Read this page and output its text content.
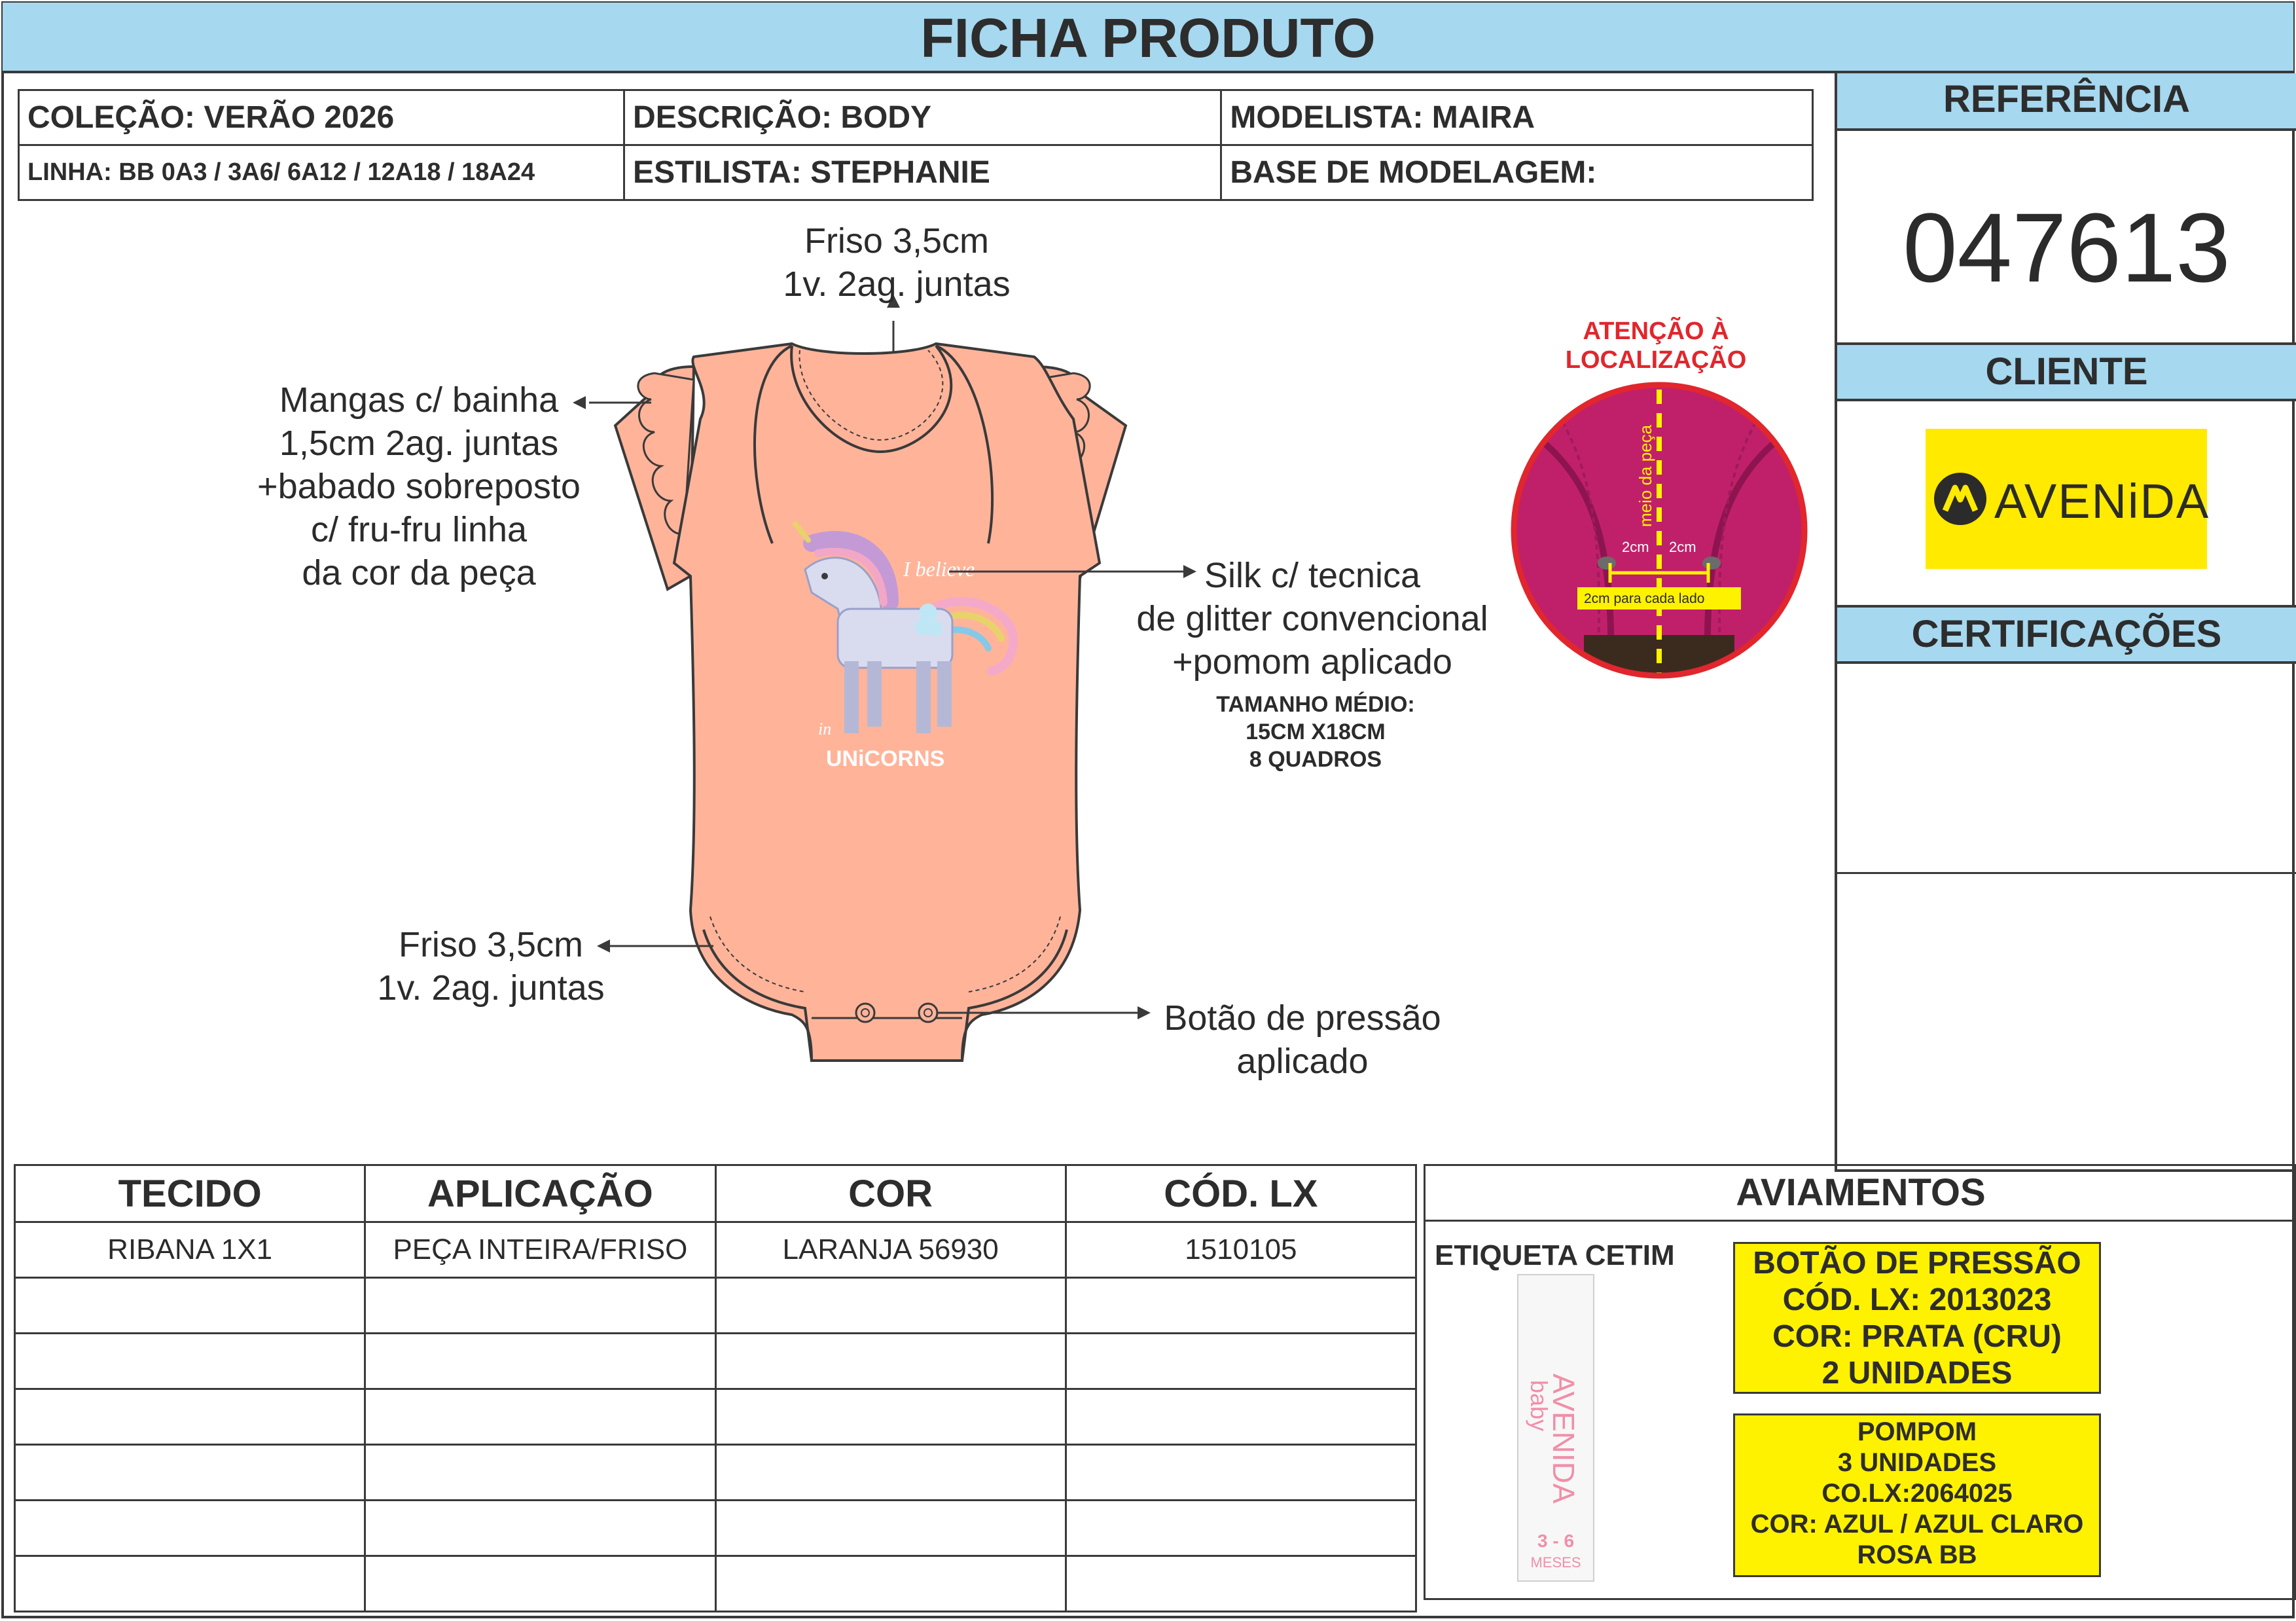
FICHA PRODUTO
COLEÇÃO: VERÃO 2026	DESCRIÇÃO: BODY	MODELISTA: MAIRA
LINHA: BB 0A3 / 3A6/ 6A12 / 12A18 / 18A24	ESTILISTA: STEPHANIE	BASE DE MODELAGEM:
REFERÊNCIA
047613
CLIENTE
AVENiDA
CERTIFICAÇÕES
I believe
in
UNiCORNS
Friso 3,5cm
1v. 2ag. juntas
Mangas c/ bainha
1,5cm 2ag. juntas
+babado sobreposto
c/ fru-fru linha
da cor da peça	Silk c/ tecnica
de glitter convencional
+pomom aplicado
TAMANHO MÉDIO:
15CM X18CM
8 QUADROS
Friso 3,5cm
1v. 2ag. juntas
Botão de pressão
aplicado
ATENÇÃO À
LOCALIZAÇÃO
2cm 2cm
2cm para cada lado
meio da peça
TECIDO	APLICAÇÃO	COR	CÓD. LX
RIBANA 1X1	PEÇA INTEIRA/FRISO	LARANJA 56930	1510105

AVIAMENTOS
ETIQUETA CETIM
AVENIDA
baby
3 - 6
MESES
BOTÃO DE PRESSÃO
CÓD. LX: 2013023
COR: PRATA (CRU)
2 UNIDADES
POMPOM
3 UNIDADES
CO.LX:2064025
COR: AZUL / AZUL CLARO
ROSA BB
